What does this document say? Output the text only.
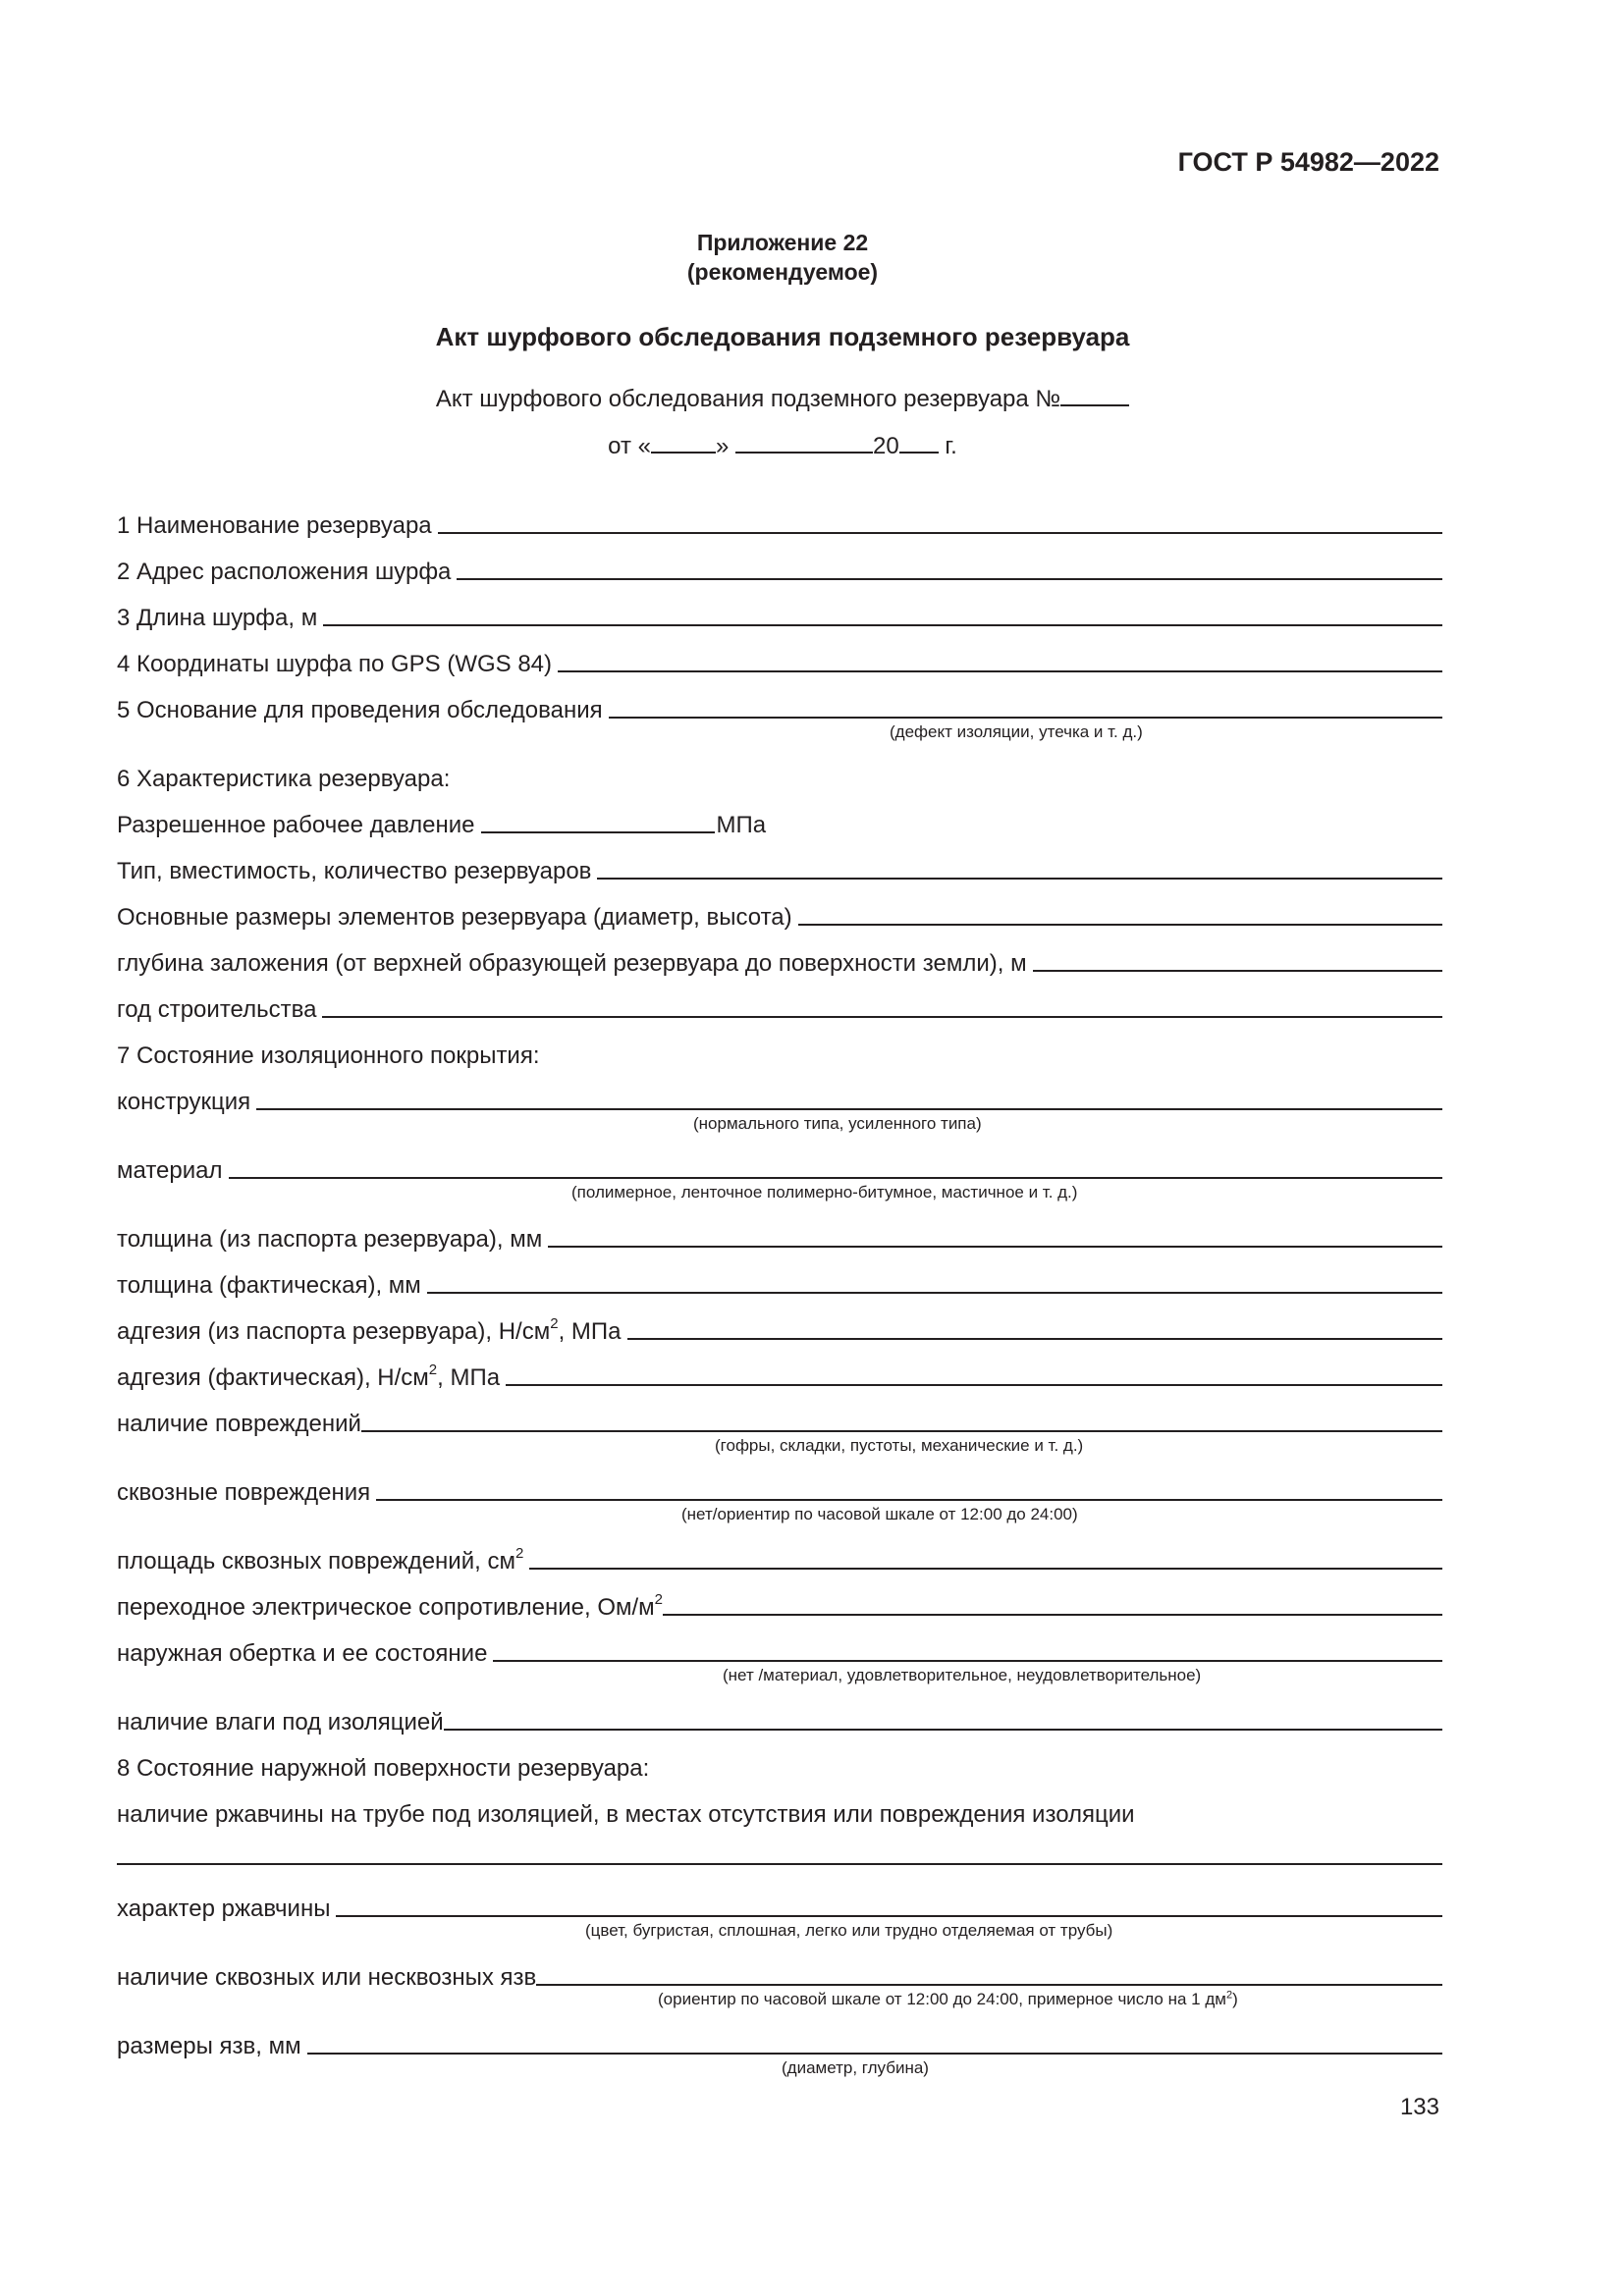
ГОСТ Р 54982—2022
Приложение 22
(рекомендуемое)
Акт шурфового обследования подземного резервуара
Акт шурфового обследования подземного резервуара №
от «	»	20 г.
1 Наименование резервуара
2 Адрес расположения шурфа
3 Длина шурфа, м
4 Координаты шурфа по GPS (WGS 84)
5 Основание для проведения обследования
(дефект изоляции, утечка и т. д.)
6 Характеристика резервуара:
Разрешенное рабочее давление	МПа
Тип, вместимость, количество резервуаров
Основные размеры элементов резервуара (диаметр, высота)
глубина заложения (от верхней образующей резервуара до поверхности земли), м
год строительства
7 Состояние изоляционного покрытия:
конструкция
(нормального типа, усиленного типа)
материал
(полимерное, ленточное полимерно-битумное, мастичное и т. д.)
толщина (из паспорта резервуара), мм
толщина (фактическая), мм
адгезия (из паспорта резервуара), $Н/см^2$, МПа
адгезия (фактическая), $Н/см^2$, МПа
наличие повреждений
(гофры, складки, пустоты, механические и т. д.)
сквозные повреждения
(нет/ориентир по часовой шкале от 12:00 до 24:00)
площадь сквозных повреждений, $см^2$
переходное электрическое сопротивление, $Ом/м^2$
наружная обертка и ее состояние
(нет /материал, удовлетворительное, неудовлетворительное)
наличие влаги под изоляцией
8 Состояние наружной поверхности резервуара:
наличие ржавчины на трубе под изоляцией, в местах отсутствия или повреждения изоляции
характер ржавчины
(цвет, бугристая, сплошная, легко или трудно отделяемая от трубы)
наличие сквозных или несквозных язв
(ориентир по часовой шкале от 12:00 до 24:00, примерное число на 1 $дм^2$)
размеры язв, мм
(диаметр, глубина)
133
